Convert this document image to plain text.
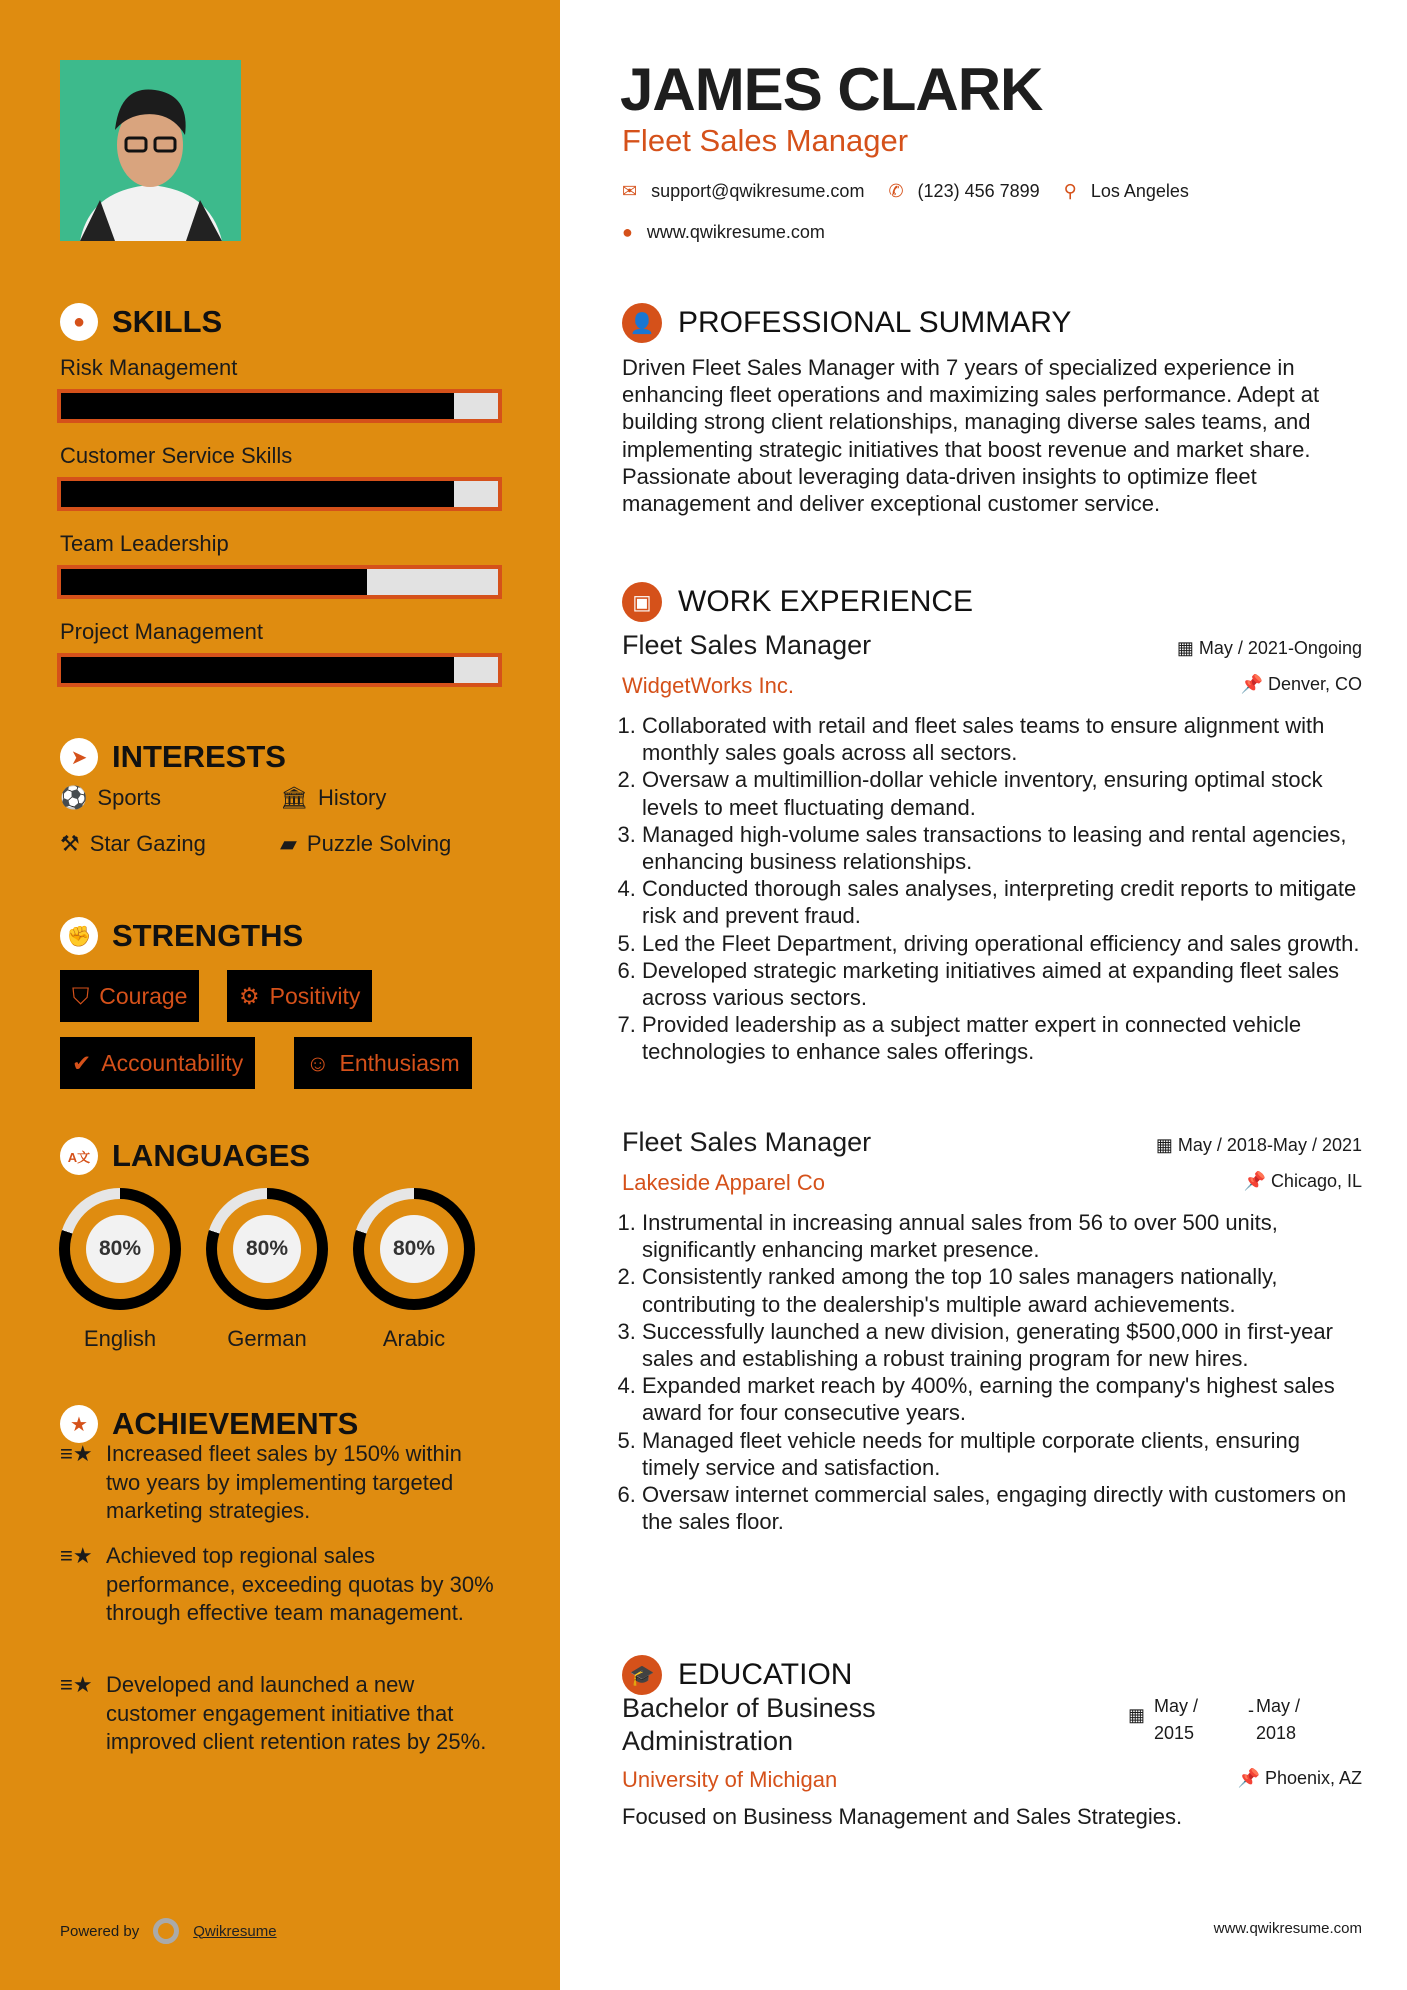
● SKILLS
Risk Management
Customer Service Skills
Team Leadership
Project Management
➤ INTERESTS
⚽ Sports	🏛 History
⚒ Star Gazing	▰ Puzzle Solving
✊ STRENGTHS
⛉ Courage ⚙ Positivity
✔ Accountability	☺ Enthusiasm
A文 LANGUAGES
80%
English
80%
German
80%
Arabic
★ ACHIEVEMENTS
≡★ Increased fleet sales by 150% within two years by implementing targeted marketing strategies.
≡★ Achieved top regional sales performance, exceeding quotas by 30% through effective team management.
≡★ Developed and launched a new customer engagement initiative that improved client retention rates by 25%.
Powered by	Qwikresume
JAMES CLARK
Fleet Sales Manager
✉ support@qwikresume.com ✆ (123) 456 7899 ⚲ Los Angeles
● www.qwikresume.com
👤 PROFESSIONAL SUMMARY
Driven Fleet Sales Manager with 7 years of specialized experience in enhancing fleet operations and maximizing sales performance. Adept at building strong client relationships, managing diverse sales teams, and implementing strategic initiatives that boost revenue and market share. Passionate about leveraging data-driven insights to optimize fleet management and deliver exceptional customer service.
▣ WORK EXPERIENCE
Fleet Sales Manager	▦ May / 2021-Ongoing
WidgetWorks Inc.	📌 Denver, CO
1. Collaborated with retail and fleet sales teams to ensure alignment with monthly sales goals across all sectors.
2. Oversaw a multimillion-dollar vehicle inventory, ensuring optimal stock levels to meet fluctuating demand.
3. Managed high-volume sales transactions to leasing and rental agencies, enhancing business relationships.
4. Conducted thorough sales analyses, interpreting credit reports to mitigate risk and prevent fraud.
5. Led the Fleet Department, driving operational efficiency and sales growth.
6. Developed strategic marketing initiatives aimed at expanding fleet sales across various sectors.
7. Provided leadership as a subject matter expert in connected vehicle technologies to enhance sales offerings.
Fleet Sales Manager	▦ May / 2018-May / 2021
Lakeside Apparel Co	📌 Chicago, IL
1. Instrumental in increasing annual sales from 56 to over 500 units, significantly enhancing market presence.
2. Consistently ranked among the top 10 sales managers nationally, contributing to the dealership's multiple award achievements.
3. Successfully launched a new division, generating $500,000 in first-year sales and establishing a robust training program for new hires.
4. Expanded market reach by 400%, earning the company's highest sales award for four consecutive years.
5. Managed fleet vehicle needs for multiple corporate clients, ensuring timely service and satisfaction.
6. Oversaw internet commercial sales, engaging directly with customers on the sales floor.
🎓 EDUCATION
Bachelor of Business Administration
▦ May / 2015
- May / 2018
University of Michigan	📌 Phoenix, AZ
Focused on Business Management and Sales Strategies.
www.qwikresume.com
